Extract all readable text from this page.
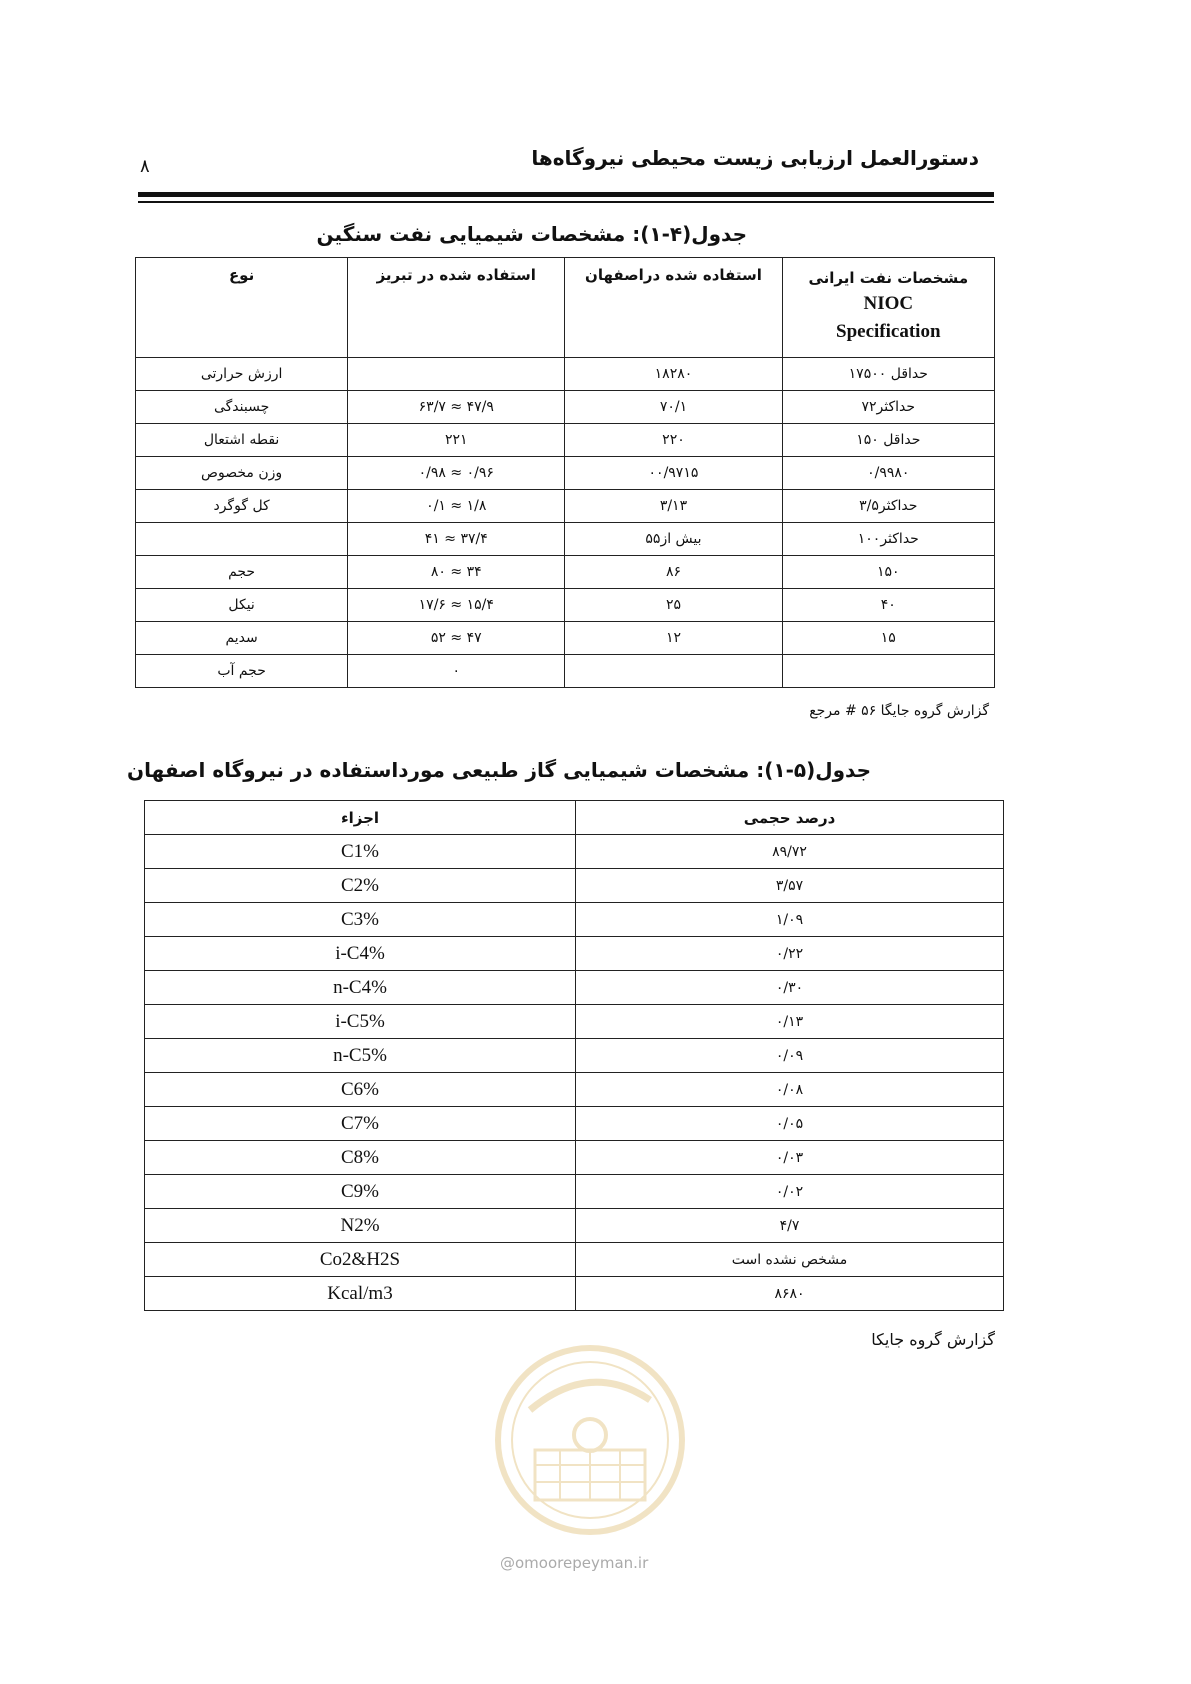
دستورالعمل ارزیابی زیست محیطی نیروگاه‌ها
۸
جدول(۴-۱): مشخصات شیمیایی نفت سنگین
مشخصات نفت ایرانی
NIOC
Specification	استفاده شده دراصفهان	استفاده شده در تبریز	نوع
حداقل ۱۷۵۰۰	۱۸۲۸۰		ارزش حرارتی
حداکثر۷۲	۷۰/۱	۴۷/۹ ≈ ۶۳/۷	چسبندگی
حداقل ۱۵۰	۲۲۰	۲۲۱	نقطه اشتعال
۰/۹۹۸۰	۰۰/۹۷۱۵	۰/۹۶ ≈ ۰/۹۸	وزن مخصوص
حداکثر۳/۵	۳/۱۳	۱/۸ ≈ ۰/۱	کل گوگرد
حداکثر۱۰۰	بیش از۵۵	۳۷/۴ ≈ ۴۱	
۱۵۰	۸۶	۳۴ ≈ ۸۰	حجم
۴۰	۲۵	۱۵/۴ ≈ ۱۷/۶	نیکل
۱۵	۱۲	۴۷ ≈ ۵۲	سدیم
		۰	حجم آب
گزارش گروه جایگا ۵۶ # مرجع
جدول(۵-۱): مشخصات شیمیایی گاز طبیعی مورداستفاده در نیروگاه اصفهان
درصد حجمی	اجزاء
۸۹/۷۲	C1%
۳/۵۷	C2%
۱/۰۹	C3%
۰/۲۲	i-C4%
۰/۳۰	n-C4%
۰/۱۳	i-C5%
۰/۰۹	n-C5%
۰/۰۸	C6%
۰/۰۵	C7%
۰/۰۳	C8%
۰/۰۲	C9%
۴/۷	N2%
مشخص نشده است	Co2&H2S
۸۶۸۰	Kcal/m3
گزارش گروه جایکا
@omoorepeyman.ir
